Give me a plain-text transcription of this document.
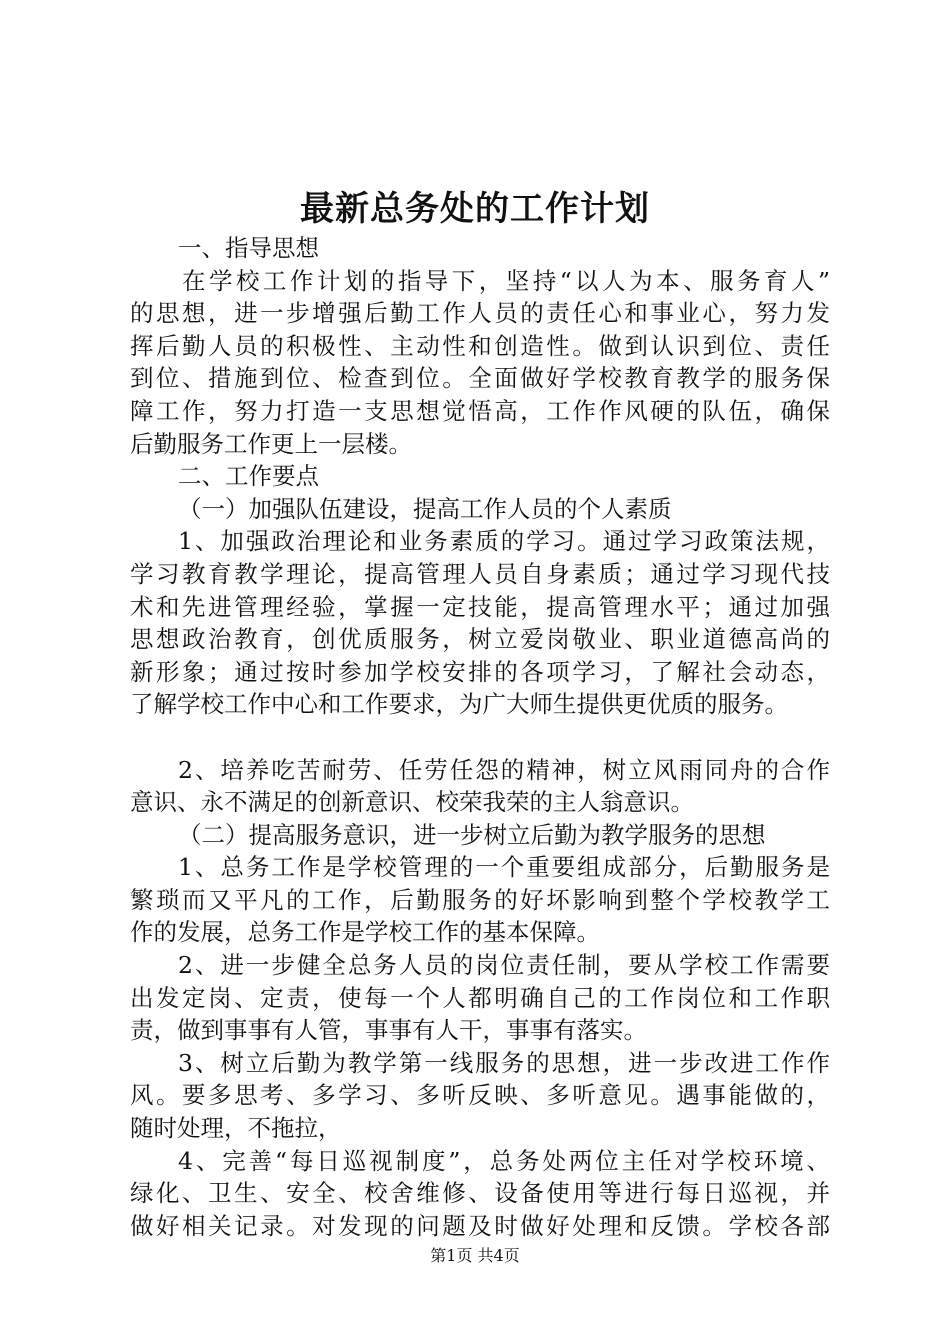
最新总务处的工作计划
一、指导思想
在学校工作计划的指导下，坚持“以人为本、服务育人”
的思想，进一步增强后勤工作人员的责任心和事业心，努力发
挥后勤人员的积极性、主动性和创造性。做到认识到位、责任
到位、措施到位、检查到位。全面做好学校教育教学的服务保
障工作，努力打造一支思想觉悟高，工作作风硬的队伍，确保
后勤服务工作更上一层楼。
二、工作要点
（一）加强队伍建设，提高工作人员的个人素质
1、加强政治理论和业务素质的学习。通过学习政策法规，
学习教育教学理论，提高管理人员自身素质；通过学习现代技
术和先进管理经验，掌握一定技能，提高管理水平；通过加强
思想政治教育，创优质服务，树立爱岗敬业、职业道德高尚的
新形象；通过按时参加学校安排的各项学习，了解社会动态，
了解学校工作中心和工作要求，为广大师生提供更优质的服务。
2、培养吃苦耐劳、任劳任怨的精神，树立风雨同舟的合作
意识、永不满足的创新意识、校荣我荣的主人翁意识。
（二）提高服务意识，进一步树立后勤为教学服务的思想
1、总务工作是学校管理的一个重要组成部分，后勤服务是
繁琐而又平凡的工作，后勤服务的好坏影响到整个学校教学工
作的发展，总务工作是学校工作的基本保障。
2、进一步健全总务人员的岗位责任制，要从学校工作需要
出发定岗、定责，使每一个人都明确自己的工作岗位和工作职
责，做到事事有人管，事事有人干，事事有落实。
3、树立后勤为教学第一线服务的思想，进一步改进工作作
风。要多思考、多学习、多听反映、多听意见。遇事能做的，
随时处理，不拖拉，
4、完善“每日巡视制度”，总务处两位主任对学校环境、
绿化、卫生、安全、校舍维修、设备使用等进行每日巡视，并
做好相关记录。对发现的问题及时做好处理和反馈。学校各部
第1页 共4页
